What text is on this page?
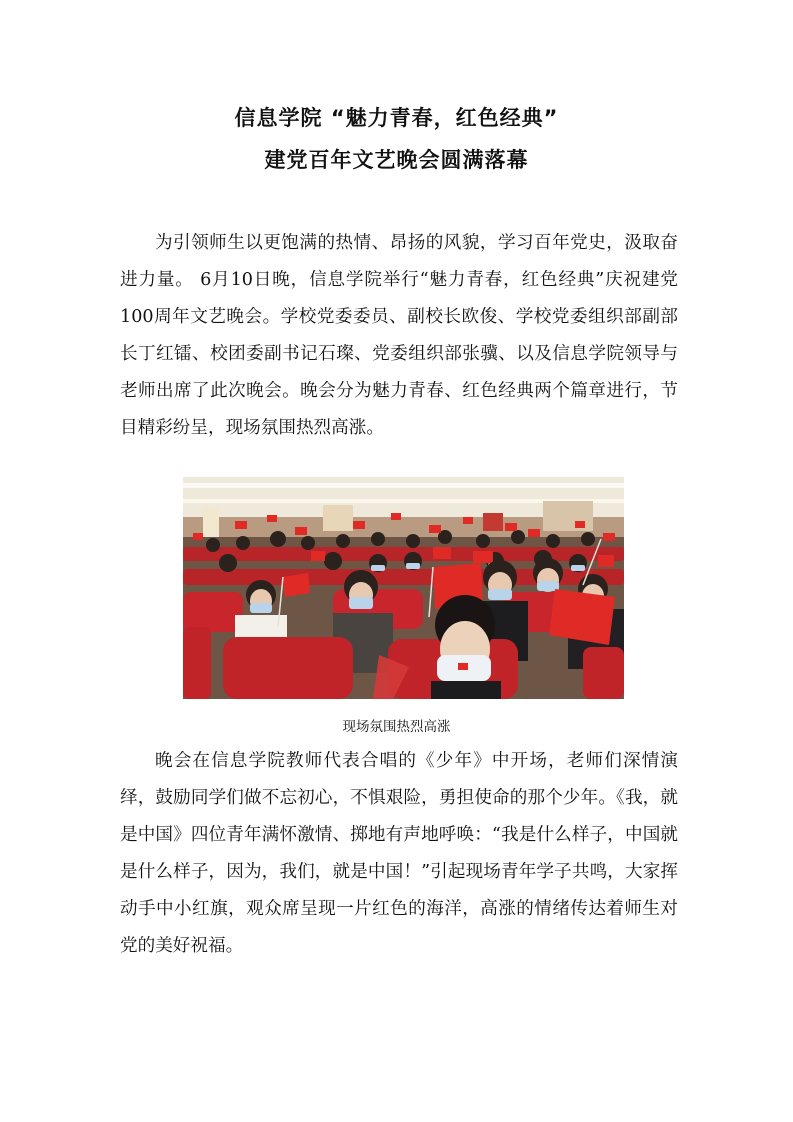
信息学院 “魅力青春，红色经典”
建党百年文艺晚会圆满落幕

为引领师生以更饱满的热情、昂扬的风貌，学习百年党史，汲取奋进力量。 6月10日晚，信息学院举行“魅力青春，红色经典”庆祝建党100周年文艺晚会。学校党委委员、副校长欧俊、学校党委组织部副部长丁红镭、校团委副书记石璨、党委组织部张骥、以及信息学院领导与老师出席了此次晚会。晚会分为魅力青春、红色经典两个篇章进行，节目精彩纷呈，现场氛围热烈高涨。

现场氛围热烈高涨

晚会在信息学院教师代表合唱的《少年》中开场，老师们深情演绎，鼓励同学们做不忘初心，不惧艰险，勇担使命的那个少年。《我，就是中国》四位青年满怀激情、掷地有声地呼唤：“我是什么样子，中国就是什么样子，因为，我们，就是中国！”引起现场青年学子共鸣，大家挥动手中小红旗，观众席呈现一片红色的海洋，高涨的情绪传达着师生对党的美好祝福。
